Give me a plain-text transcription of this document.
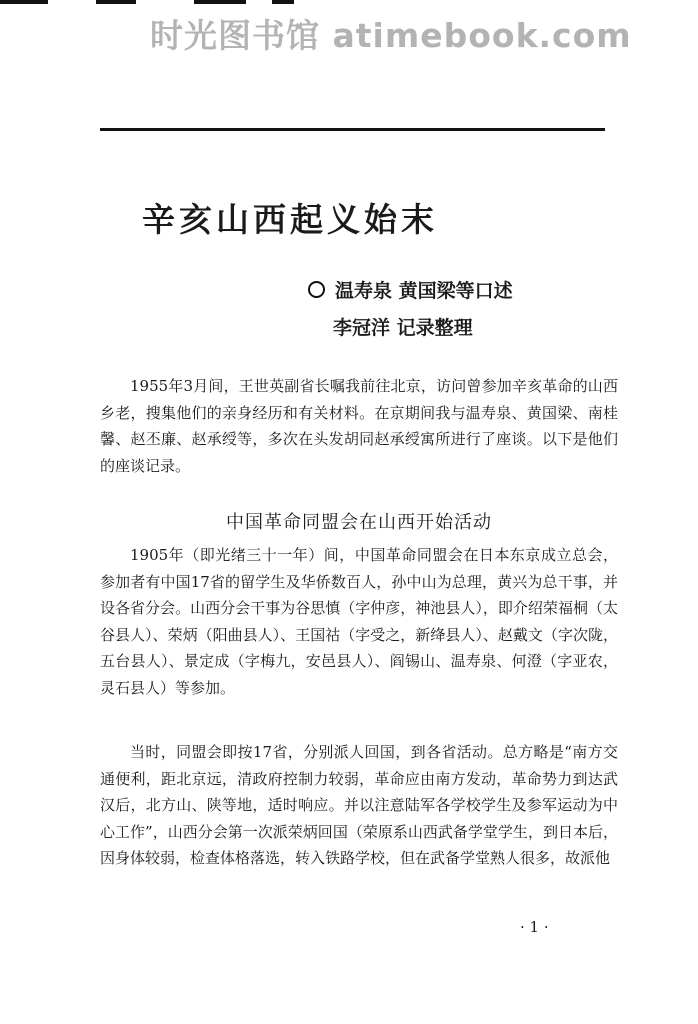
时光图书馆 atimebook.com
辛亥山西起义始末
温寿泉 黄国梁等口述
李冠洋 记录整理

1955年3月间，王世英副省长嘱我前往北京，访问曾参加辛亥革命的山西乡老，搜集他们的亲身经历和有关材料。在京期间我与温寿泉、黄国梁、南桂馨、赵丕廉、赵承绶等，多次在头发胡同赵承绶寓所进行了座谈。以下是他们的座谈记录。

中国革命同盟会在山西开始活动

1905年（即光绪三十一年）间，中国革命同盟会在日本东京成立总会，参加者有中国17省的留学生及华侨数百人，孙中山为总理，黄兴为总干事，并设各省分会。山西分会干事为谷思慎（字仲彦，神池县人），即介绍荣福桐（太谷县人）、荣炳（阳曲县人）、王国祜（字受之，新绛县人）、赵戴文（字次陇，五台县人）、景定成（字梅九，安邑县人）、阎锡山、温寿泉、何澄（字亚农，灵石县人）等参加。

当时，同盟会即按17省，分别派人回国，到各省活动。总方略是“南方交通便利，距北京远，清政府控制力较弱，革命应由南方发动，革命势力到达武汉后，北方山、陕等地，适时响应。并以注意陆军各学校学生及参军运动为中心工作”，山西分会第一次派荣炳回国（荣原系山西武备学堂学生，到日本后，因身体较弱，检查体格落选，转入铁路学校，但在武备学堂熟人很多，故派他

· 1 ·
